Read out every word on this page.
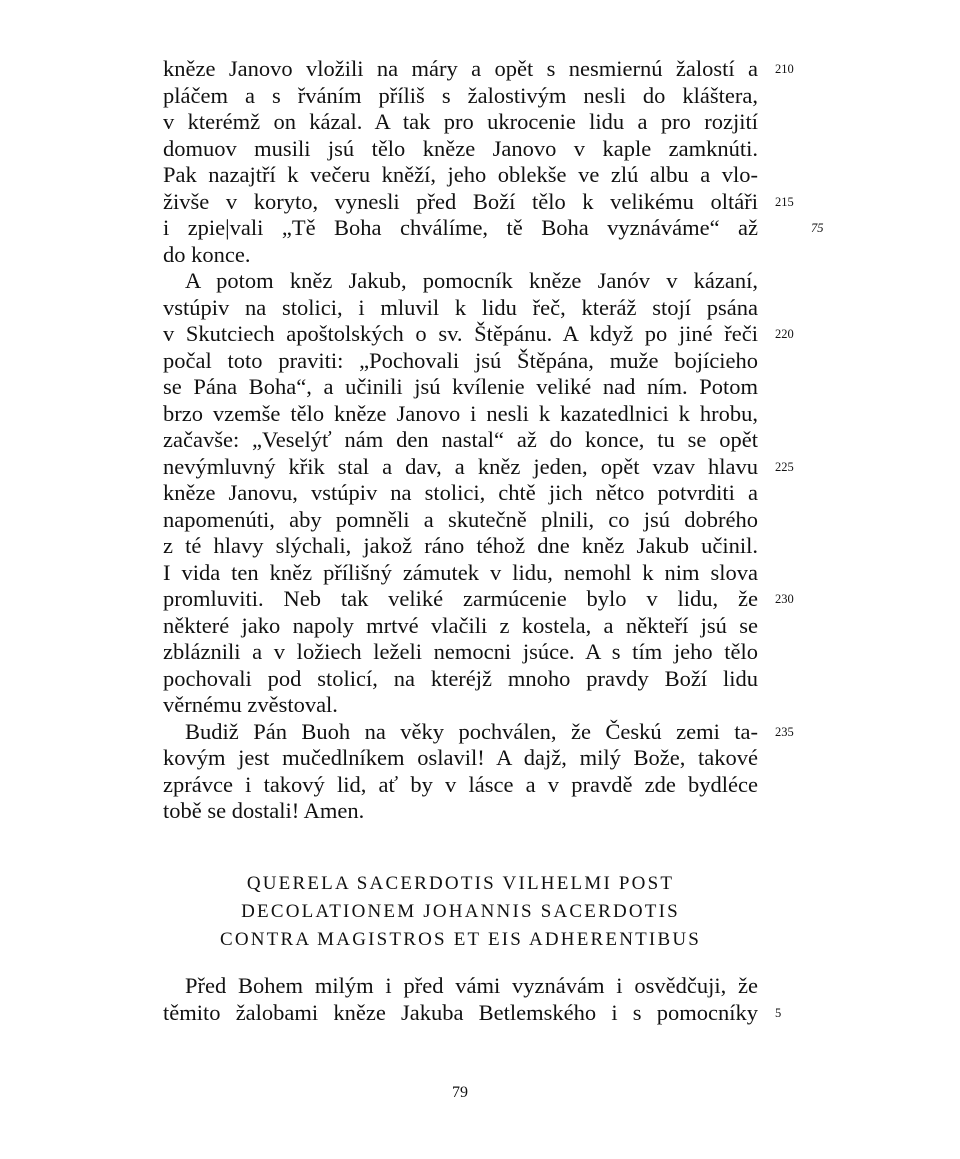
kněze Janovo vložili na máry a opět s nesmiernú žalostí a 210
pláčem a s řváním příliš s žalostivým nesli do kláštera,
v kterémž on kázal. A tak pro ukrocenie lidu a pro rozjití
domuov musili jsú tělo kněze Janovo v kaple zamknúti.
Pak nazajtří k večeru kněží, jeho oblekše ve zlú albu a vlo-
živše v koryto, vynesli před Boží tělo k velikému oltáři 215
i zpie|vali „Tě Boha chválíme, tě Boha vyznáváme“ až	75
do konce.
A potom kněz Jakub, pomocník kněze Janóv v kázaní,
vstúpiv na stolici, i mluvil k lidu řeč, kteráž stojí psána
v Skutciech apoštolských o sv. Štěpánu. A když po jiné řeči 220
počal toto praviti: „Pochovali jsú Štěpána, muže bojícieho
se Pána Boha“, a učinili jsú kvílenie veliké nad ním. Potom
brzo vzemše tělo kněze Janovo i nesli k kazatedlnici k hrobu,
začavše: „Veselýť nám den nastal“ až do konce, tu se opět
nevýmluvný křik stal a dav, a kněz jeden, opět vzav hlavu 225
kněze Janovu, vstúpiv na stolici, chtě jich nětco potvrditi a
napomenúti, aby pomněli a skutečně plnili, co jsú dobrého
z té hlavy slýchali, jakož ráno téhož dne kněz Jakub učinil.
I vida ten kněz přílišný zámutek v lidu, nemohl k nim slova
promluviti. Neb tak veliké zarmúcenie bylo v lidu, že 230
některé jako napoly mrtvé vlačili z kostela, a někteří jsú se
zbláznili a v ložiech leželi nemocni jsúce. A s tím jeho tělo
pochovali pod stolicí, na kteréjž mnoho pravdy Boží lidu
věrnému zvěstoval.
Budiž Pán Buoh na věky pochválen, že Českú zemi ta- 235
kovým jest mučedlníkem oslavil! A dajž, milý Bože, takové
zprávce i takový lid, ať by v lásce a v pravdě zde bydléce
tobě se dostali! Amen.
QUERELA SACERDOTIS VILHELMI POST
DECOLATIONEM JOHANNIS SACERDOTIS
CONTRA MAGISTROS ET EIS ADHERENTIBUS
Před Bohem milým i před vámi vyznávám i osvědčuji, že
těmito žalobami kněze Jakuba Betlemského i s pomocníky 5
79
